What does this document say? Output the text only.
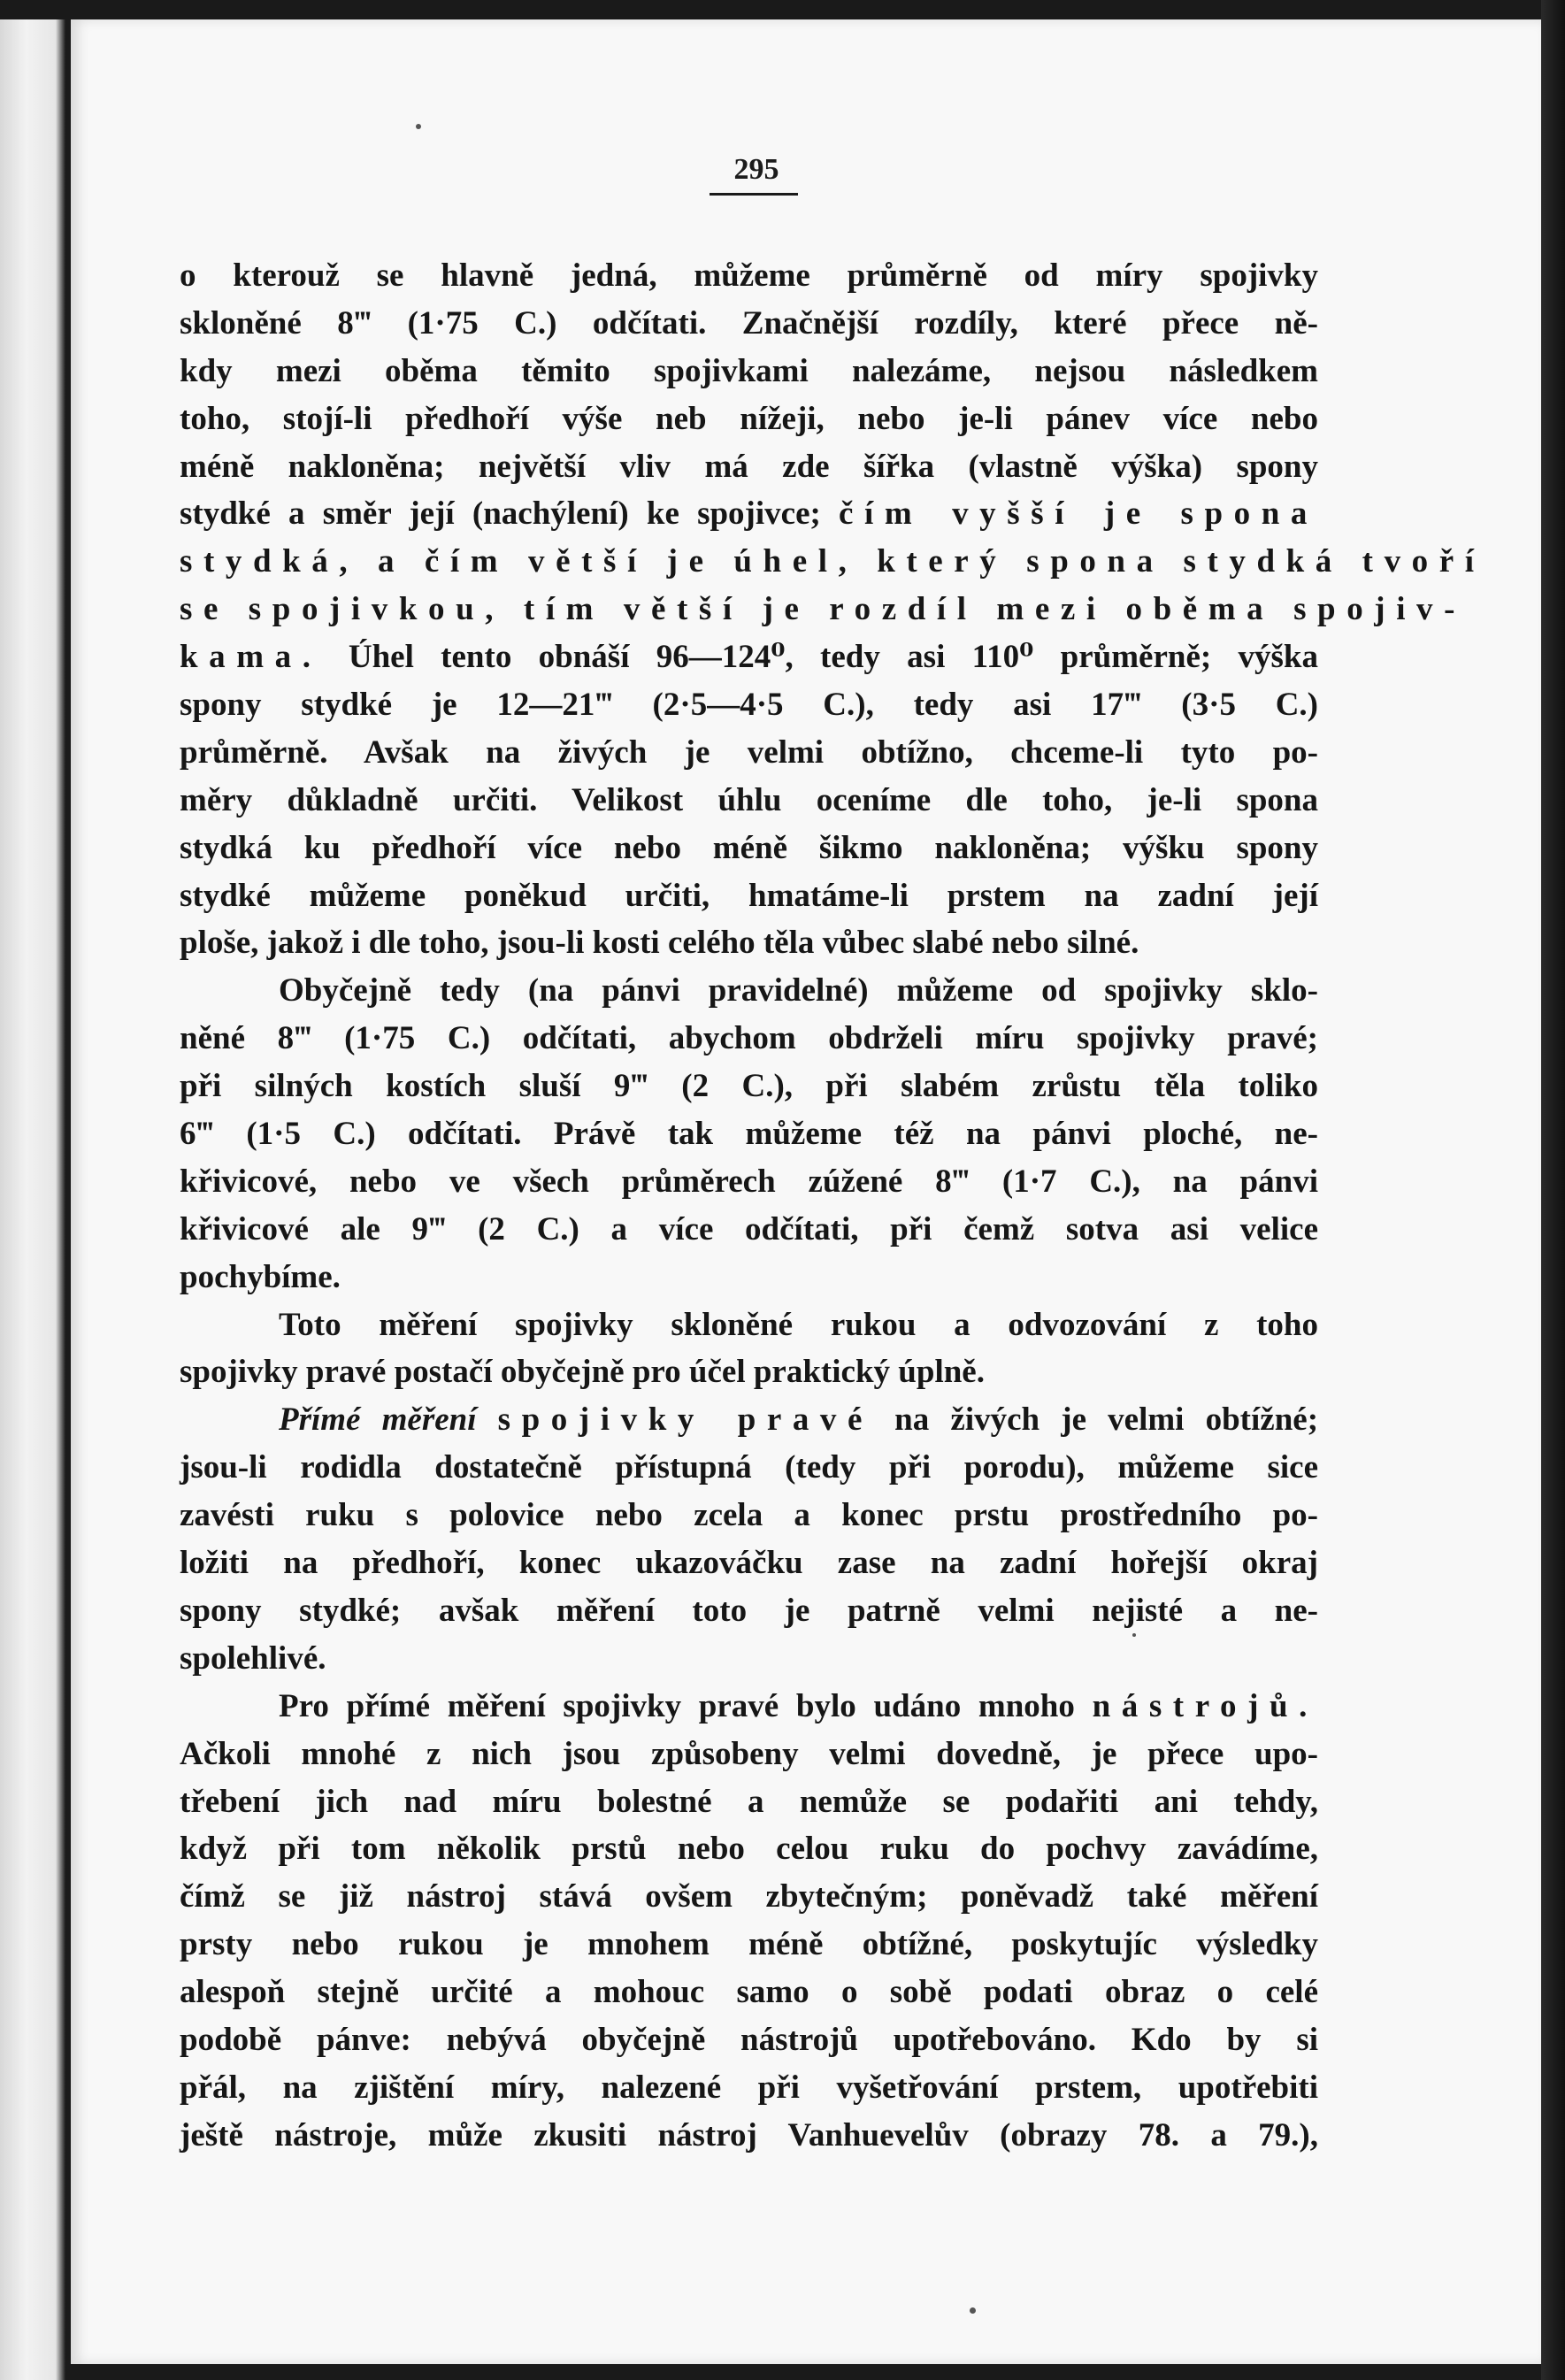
295
o kterouž se hlavně jedná, můžeme průměrně od míry spojivky
skloněné 8‴ (1·75 C.) odčítati. Značnější rozdíly, které přece ně-
kdy mezi oběma těmito spojivkami nalezáme, nejsou následkem
toho, stojí-li předhoří výše neb nížeji, nebo je-li pánev více nebo
méně nakloněna; největší vliv má zde šířka (vlastně výška) spony
stydké a směr její (nachýlení) ke spojivce; čím vyšší je spona
stydká, a čím větší je úhel, který spona stydká tvoří
se spojivkou, tím větší je rozdíl mezi oběma spojiv-
kama. Úhel tento obnáší 96—124⁰, tedy asi 110⁰ průměrně; výška
spony stydké je 12—21‴ (2·5—4·5 C.), tedy asi 17‴ (3·5 C.)
průměrně. Avšak na živých je velmi obtížno, chceme-li tyto po-
měry důkladně určiti. Velikost úhlu oceníme dle toho, je-li spona
stydká ku předhoří více nebo méně šikmo nakloněna; výšku spony
stydké můžeme poněkud určiti, hmatáme-li prstem na zadní její
ploše, jakož i dle toho, jsou-li kosti celého těla vůbec slabé nebo silné.
Obyčejně tedy (na pánvi pravidelné) můžeme od spojivky sklo-
něné 8‴ (1·75 C.) odčítati, abychom obdrželi míru spojivky pravé;
při silných kostích sluší 9‴ (2 C.), při slabém zrůstu těla toliko
6‴ (1·5 C.) odčítati. Právě tak můžeme též na pánvi ploché, ne-
křivicové, nebo ve všech průměrech zúžené 8‴ (1·7 C.), na pánvi
křivicové ale 9‴ (2 C.) a více odčítati, při čemž sotva asi velice
pochybíme.
Toto měření spojivky skloněné rukou a odvozování z toho
spojivky pravé postačí obyčejně pro účel praktický úplně.
Přímé měření spojivky pravé na živých je velmi obtížné;
jsou-li rodidla dostatečně přístupná (tedy při porodu), můžeme sice
zavésti ruku s polovice nebo zcela a konec prstu prostředního po-
ložiti na předhoří, konec ukazováčku zase na zadní hořejší okraj
spony stydké; avšak měření toto je patrně velmi nejisté a ne-
spolehlivé.
Pro přímé měření spojivky pravé bylo udáno mnoho nástrojů.
Ačkoli mnohé z nich jsou způsobeny velmi dovedně, je přece upo-
třebení jich nad míru bolestné a nemůže se podařiti ani tehdy,
když při tom několik prstů nebo celou ruku do pochvy zavádíme,
čímž se již nástroj stává ovšem zbytečným; poněvadž také měření
prsty nebo rukou je mnohem méně obtížné, poskytujíc výsledky
alespoň stejně určité a mohouc samo o sobě podati obraz o celé
podobě pánve: nebývá obyčejně nástrojů upotřebováno. Kdo by si
přál, na zjištění míry, nalezené při vyšetřování prstem, upotřebiti
ještě nástroje, může zkusiti nástroj Vanhuevelův (obrazy 78. a 79.),
